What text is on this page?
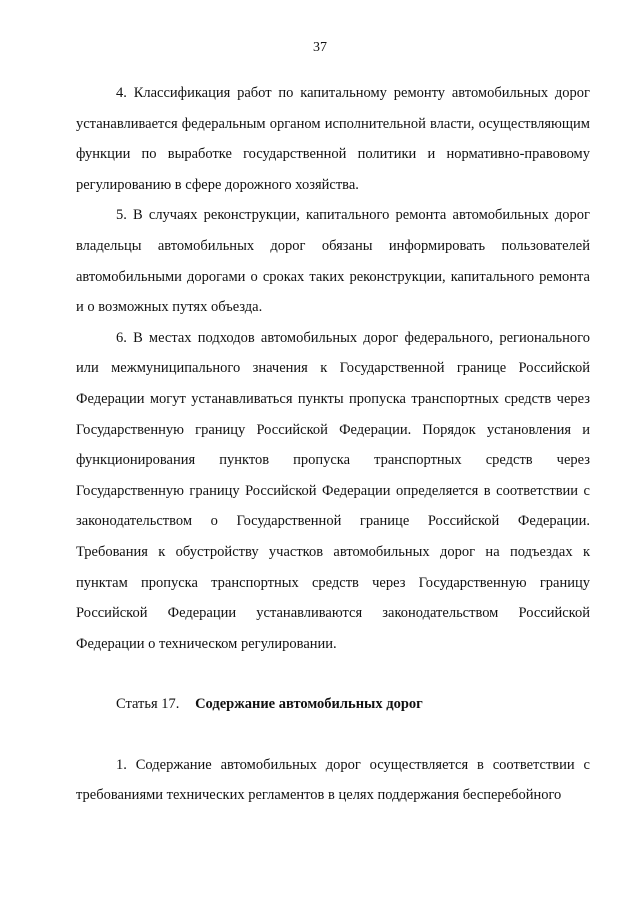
37

4. Классификация работ по капитальному ремонту автомобильных дорог устанавливается федеральным органом исполнительной власти, осуществляющим функции по выработке государственной политики и нормативно-правовому регулированию в сфере дорожного хозяйства.

5. В случаях реконструкции, капитального ремонта автомобильных дорог владельцы автомобильных дорог обязаны информировать пользователей автомобильными дорогами о сроках таких реконструкции, капитального ремонта и о возможных путях объезда.

6. В местах подходов автомобильных дорог федерального, регионального или межмуниципального значения к Государственной границе Российской Федерации могут устанавливаться пункты пропуска транспортных средств через Государственную границу Российской Федерации. Порядок установления и функционирования пунктов пропуска транспортных средств через Государственную границу Российской Федерации определяется в соответствии с законодательством о Государственной границе Российской Федерации. Требования к обустройству участков автомобильных дорог на подъездах к пунктам пропуска транспортных средств через Государственную границу Российской Федерации устанавливаются законодательством Российской Федерации о техническом регулировании.

Статья 17. Содержание автомобильных дорог

1. Содержание автомобильных дорог осуществляется в соответствии с требованиями технических регламентов в целях поддержания бесперебойного
